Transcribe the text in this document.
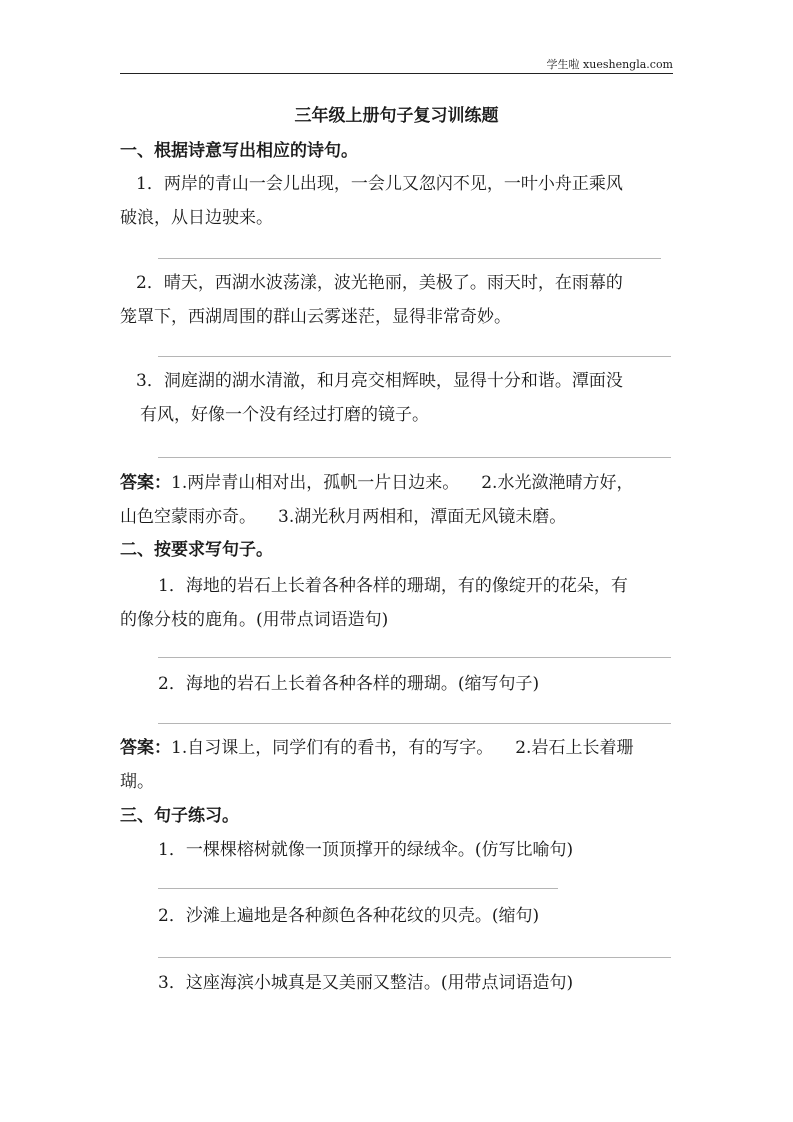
学生啦 xueshengla.com
三年级上册句子复习训练题
一、根据诗意写出相应的诗句。

1．两岸的青山一会儿出现，一会儿又忽闪不见，一叶小舟正乘风
破浪，从日边驶来。

2．晴天，西湖水波荡漾，波光艳丽，美极了。雨天时，在雨幕的
笼罩下，西湖周围的群山云雾迷茫，显得非常奇妙。

3．洞庭湖的湖水清澈，和月亮交相辉映，显得十分和谐。潭面没
有风，好像一个没有经过打磨的镜子。

答案：1.两岸青山相对出，孤帆一片日边来。 2.水光潋滟晴方好，
山色空蒙雨亦奇。 3.湖光秋月两相和，潭面无风镜未磨。

二、按要求写句子。

1．海地的岩石上长着各种各样的珊瑚，有的像绽开的花朵，有
的像分枝的鹿角。(用带点词语造句)

2．海地的岩石上长着各种各样的珊瑚。(缩写句子)

答案：1.自习课上，同学们有的看书，有的写字。 2.岩石上长着珊
瑚。

三、句子练习。

1．一棵棵榕树就像一顶顶撑开的绿绒伞。(仿写比喻句)

2．沙滩上遍地是各种颜色各种花纹的贝壳。(缩句)

3．这座海滨小城真是又美丽又整洁。(用带点词语造句)
